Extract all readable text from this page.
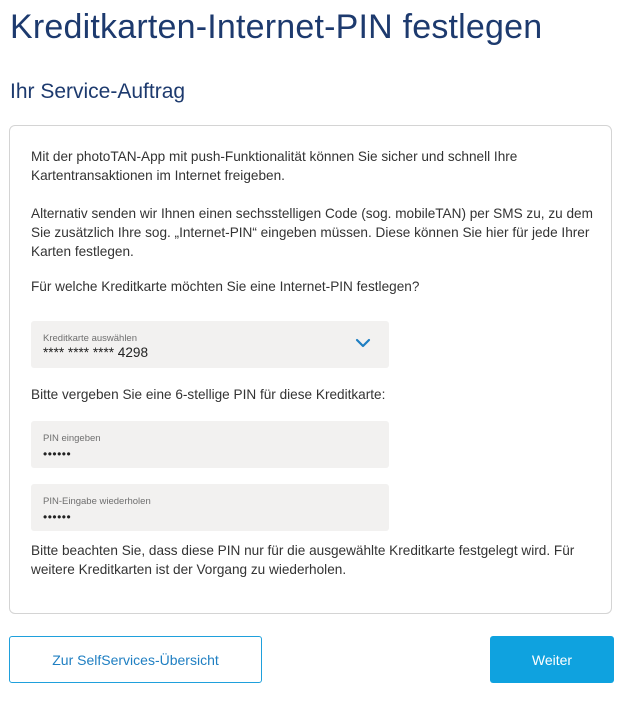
Kreditkarten-Internet-PIN festlegen
Ihr Service-Auftrag

Mit der photoTAN-App mit push-Funktionalität können Sie sicher und schnell Ihre Kartentransaktionen im Internet freigeben.

Alternativ senden wir Ihnen einen sechsstelligen Code (sog. mobileTAN) per SMS zu, zu dem Sie zusätzlich Ihre sog. „Internet-PIN“ eingeben müssen. Diese können Sie hier für jede Ihrer Karten festlegen.

Für welche Kreditkarte möchten Sie eine Internet-PIN festlegen?

Kreditkarte auswählen
**** **** **** 4298

Bitte vergeben Sie eine 6-stellige PIN für diese Kreditkarte:

PIN eingeben
••••••
PIN-Eingabe wiederholen
••••••

Bitte beachten Sie, dass diese PIN nur für die ausgewählte Kreditkarte festgelegt wird. Für weitere Kreditkarten ist der Vorgang zu wiederholen.

Zur SelfServices-Übersicht	Weiter
